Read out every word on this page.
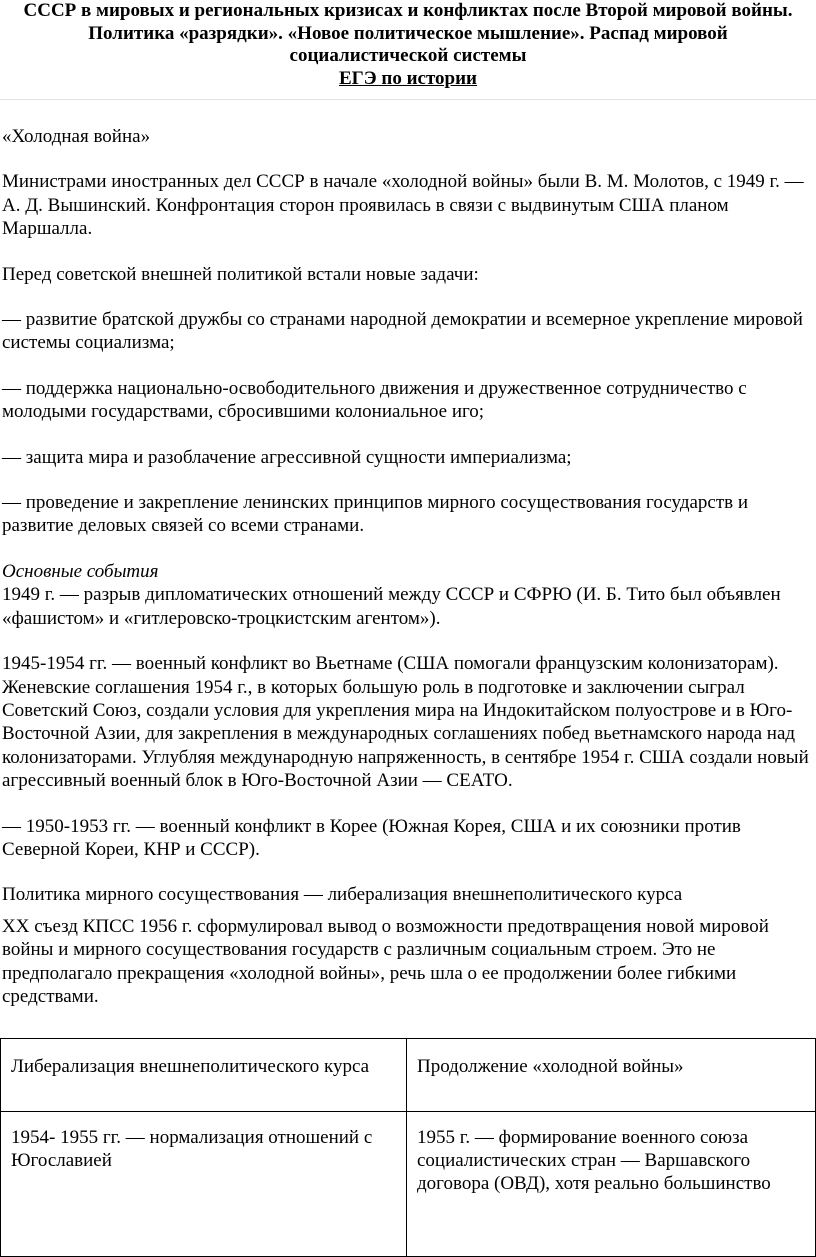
СССР в мировых и региональных кризисах и конфликтах после Второй мировой войны.
Политика «разрядки». «Новое политическое мышление». Распад мировой
социалистической системы
ЕГЭ по истории

«Холодная война»

Министрами иностранных дел СССР в начале «холодной войны» были В. М. Молотов, с 1949 г. — А. Д. Вышинский. Конфронтация сторон проявилась в связи с выдвинутым США планом Маршалла.

Перед советской внешней политикой встали новые задачи:

— развитие братской дружбы со странами народной демократии и всемерное укрепление мировой системы социализма;

— поддержка национально-освободительного движения и дружественное сотрудничество с молодыми государствами, сбросившими колониальное иго;

— защита мира и разоблачение агрессивной сущности империализма;

— проведение и закрепление ленинских принципов мирного сосуществования государств и развитие деловых связей со всеми странами.

Основные события

1949 г. — разрыв дипломатических отношений между СССР и СФРЮ (И. Б. Тито был объявлен «фашистом» и «гитлеровско-троцкистским агентом»).

1945-1954 гг. — военный конфликт во Вьетнаме (США помогали французским колонизаторам). Женевские соглашения 1954 г., в которых большую роль в подготовке и заключении сыграл Советский Союз, создали условия для укрепления мира на Индокитайском полуострове и в Юго-Восточной Азии, для закрепления в международных соглашениях побед вьетнамского народа над колонизаторами. Углубляя международную напряженность, в сентябре 1954 г. США создали новый агрессивный военный блок в Юго-Восточной Азии — СЕАТО.

— 1950-1953 гг. — военный конфликт в Корее (Южная Корея, США и их союзники против Северной Кореи, КНР и СССР).

Политика мирного сосуществования — либерализация внешнеполитического курса

XX съезд КПСС 1956 г. сформулировал вывод о возможности предотвращения новой мировой войны и мирного сосуществования государств с различным социальным строем. Это не предполагало прекращения «холодной войны», речь шла о ее продолжении более гибкими средствами.

Либерализация внешнеполитического курса	Продолжение «холодной войны»
1954- 1955 гг. — нормализация отношений с Югославией	1955 г. — формирование военного союза социалистических стран — Варшавского договора (ОВД), хотя реально большинство
